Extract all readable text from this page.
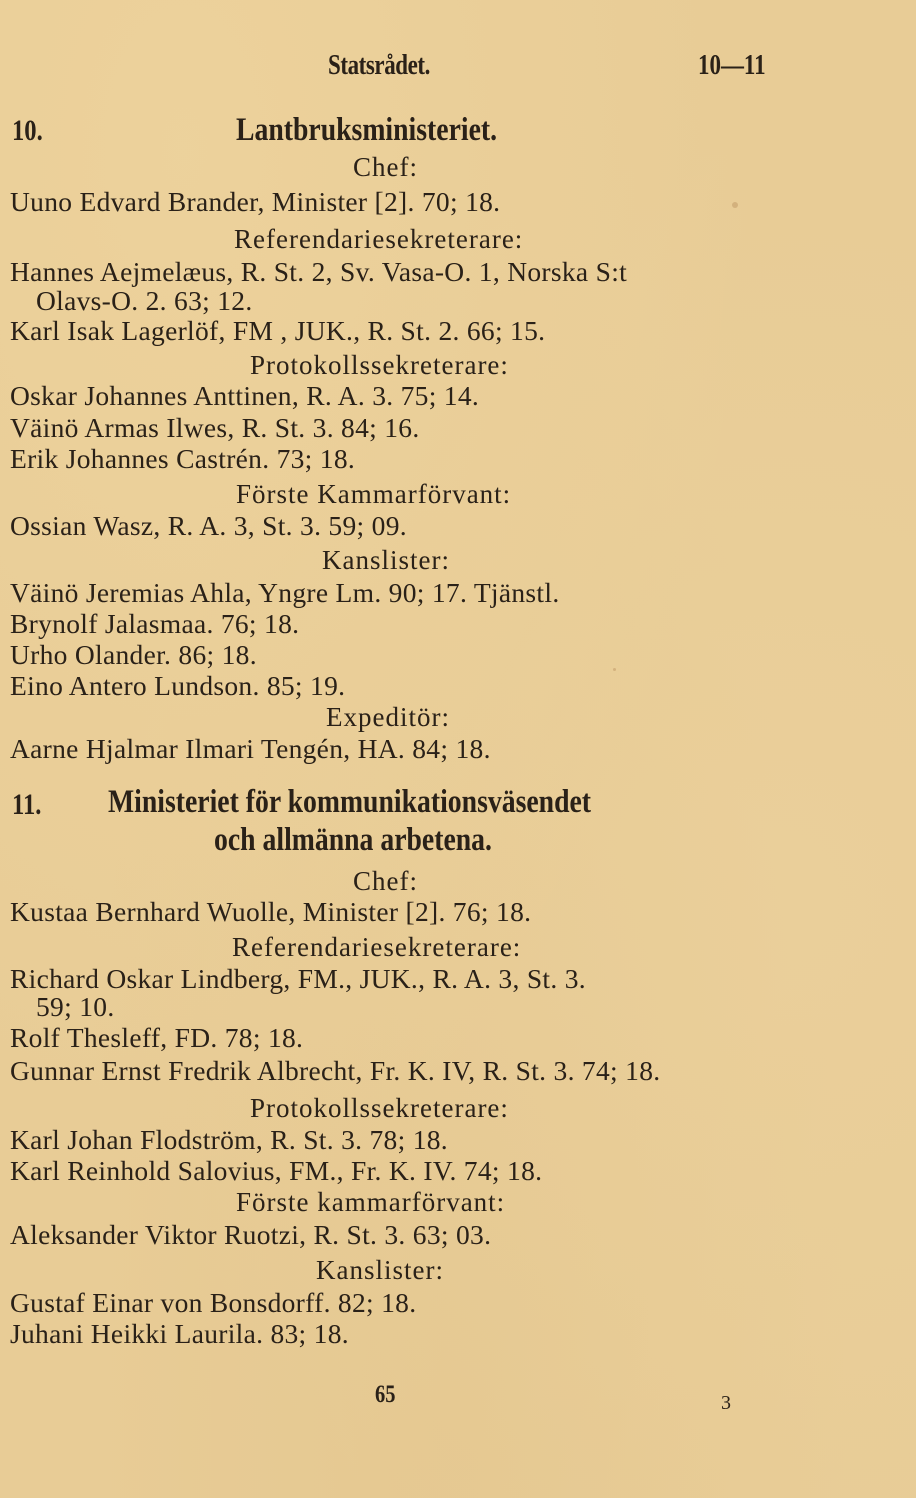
Statsrådet.	10—11
10.	Lantbruksministeriet.
Chef:
Uuno Edvard Brander, Minister [2]. 70; 18.
Referendariesekreterare:
Hannes Aejmelæus, R. St. 2, Sv. Vasa-O. 1, Norska S:t
Olavs-O. 2. 63; 12.
Karl Isak Lagerlöf, FM , JUK., R. St. 2. 66; 15.
Protokollssekreterare:
Oskar Johannes Anttinen, R. A. 3. 75; 14.
Väinö Armas Ilwes, R. St. 3. 84; 16.
Erik Johannes Castrén. 73; 18.
Förste Kammarförvant:
Ossian Wasz, R. A. 3, St. 3. 59; 09.
Kanslister:
Väinö Jeremias Ahla, Yngre Lm. 90; 17. Tjänstl.
Brynolf Jalasmaa. 76; 18.
Urho Olander. 86; 18.
Eino Antero Lundson. 85; 19.
Expeditör:
Aarne Hjalmar Ilmari Tengén, HA. 84; 18.
11. Ministeriet för kommunikationsväsendet
och allmänna arbetena.
Chef:
Kustaa Bernhard Wuolle, Minister [2]. 76; 18.
Referendariesekreterare:
Richard Oskar Lindberg, FM., JUK., R. A. 3, St. 3.
59; 10.
Rolf Thesleff, FD. 78; 18.
Gunnar Ernst Fredrik Albrecht, Fr. K. IV, R. St. 3. 74; 18.
Protokollssekreterare:
Karl Johan Flodström, R. St. 3. 78; 18.
Karl Reinhold Salovius, FM., Fr. K. IV. 74; 18.
Förste kammarförvant:
Aleksander Viktor Ruotzi, R. St. 3. 63; 03.
Kanslister:
Gustaf Einar von Bonsdorff. 82; 18.
Juhani Heikki Laurila. 83; 18.
65	3
